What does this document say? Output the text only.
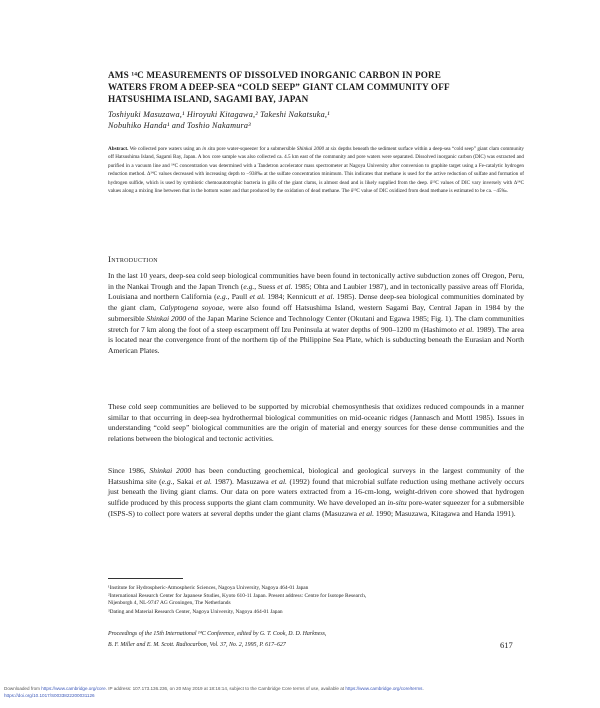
AMS ¹⁴C MEASUREMENTS OF DISSOLVED INORGANIC CARBON IN PORE
WATERS FROM A DEEP-SEA “COLD SEEP” GIANT CLAM COMMUNITY OFF
HATSUSHIMA ISLAND, SAGAMI BAY, JAPAN
Toshiyuki Masuzawa,¹ Hiroyuki Kitagawa,² Takeshi Nakatsuka,¹
Nobuhiko Handa¹ and Toshio Nakamura³
Abstract. We collected pore waters using an in situ pore water-squeezer for a submersible Shinkai 2000 at six depths beneath the sediment surface within a deep-sea “cold seep” giant clam community off Hatsushima Island, Sagami Bay, Japan. A box core sample was also collected ca. 4.5 km east of the community and pore waters were separated. Dissolved inorganic carbon (DIC) was extracted and purified in a vacuum line and ¹⁴C concentration was determined with a Tandetron accelerator mass spectrometer at Nagoya University after conversion to graphite target using a Fe-catalytic hydrogen reduction method. Δ¹⁴C values decreased with increasing depth to −938‰ at the sulfate concentration minimum. This indicates that methane is used for the active reduction of sulfate and formation of hydrogen sulfide, which is used by symbiotic chemoautotrophic bacteria in gills of the giant clams, is almost dead and is likely supplied from the deep. δ¹³C values of DIC vary inversely with Δ¹⁴C values along a mixing line between that in the bottom water and that produced by the oxidation of dead methane. The δ¹³C value of DIC oxidized from dead methane is estimated to be ca. −45‰.
Introduction
In the last 10 years, deep-sea cold seep biological communities have been found in tectonically active subduction zones off Oregon, Peru, in the Nankai Trough and the Japan Trench (e.g., Suess et al. 1985; Ohta and Laubier 1987), and in tectonically passive areas off Florida, Louisiana and northern California (e.g., Paull et al. 1984; Kennicutt et al. 1985). Dense deep-sea biological communities dominated by the giant clam, Calyptogena soyoae, were also found off Hatsushima Island, western Sagami Bay, Central Japan in 1984 by the submersible Shinkai 2000 of the Japan Marine Science and Technology Center (Okutani and Egawa 1985; Fig. 1). The clam communities stretch for 7 km along the foot of a steep escarpment off Izu Peninsula at water depths of 900–1200 m (Hashimoto et al. 1989). The area is located near the convergence front of the northern tip of the Philippine Sea Plate, which is subducting beneath the Eurasian and North American Plates.
These cold seep communities are believed to be supported by microbial chemosynthesis that oxidizes reduced compounds in a manner similar to that occurring in deep-sea hydrothermal biological communities on mid-oceanic ridges (Jannasch and Mottl 1985). Issues in understanding “cold seep” biological communities are the origin of material and energy sources for these dense communities and the relations between the biological and tectonic activities.
Since 1986, Shinkai 2000 has been conducting geochemical, biological and geological surveys in the largest community of the Hatsushima site (e.g., Sakai et al. 1987). Masuzawa et al. (1992) found that microbial sulfate reduction using methane actively occurs just beneath the living giant clams. Our data on pore waters extracted from a 16-cm-long, weight-driven core showed that hydrogen sulfide produced by this process supports the giant clam community. We have developed an in-situ pore-water squeezer for a submersible (ISPS-S) to collect pore waters at several depths under the giant clams (Masuzawa et al. 1990; Masuzawa, Kitagawa and Handa 1991).
¹Institute for Hydrospheric-Atmospheric Sciences, Nagoya University, Nagoya 464-01 Japan
²International Research Center for Japanese Studies, Kyoto 610-11 Japan. Present address: Centre for Isotope Research,
Nijenborgh 4, NL-9747 AG Groningen, The Netherlands
³Dating and Material Research Center, Nagoya University, Nagoya 464-01 Japan
Proceedings of the 15th International ¹⁴C Conference, edited by G. T. Cook, D. D. Harkness,
B. F. Miller and E. M. Scott. Radiocarbon, Vol. 37, No. 2, 1995, P. 617–627	617
Downloaded from https://www.cambridge.org/core. IP address: 107.173.136.236, on 20 May 2019 at 18:16:14, subject to the Cambridge Core terms of use, available at https://www.cambridge.org/core/terms.
https://doi.org/10.1017/S0033822200031126
